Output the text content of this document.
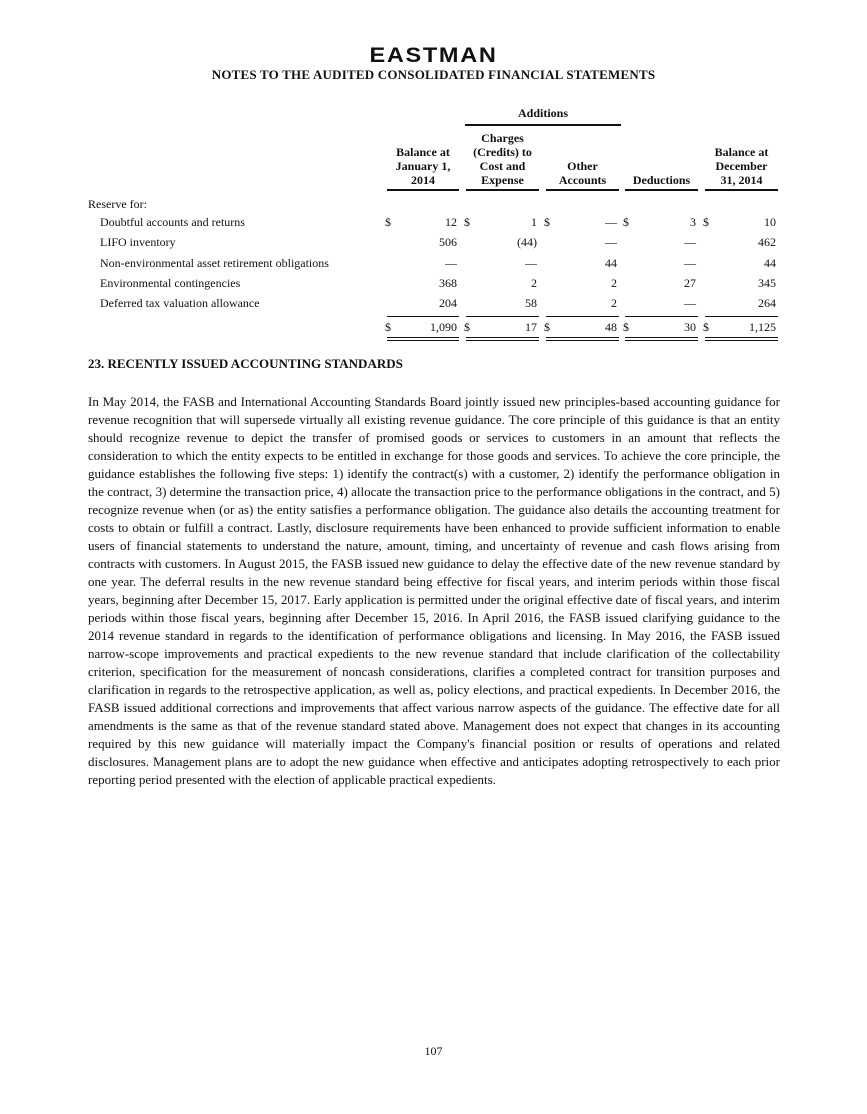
EASTMAN
NOTES TO THE AUDITED CONSOLIDATED FINANCIAL STATEMENTS
Additions
Balance at
January 1,
2014
Charges
(Credits) to
Cost and
Expense
Other
Accounts	Deductions
Balance at
December
31, 2014
Reserve for:
Doubtful accounts and returns	$	12 $	1 $	— $	3 $	10
LIFO inventory	506	(44)	—	—	462
Non-environmental asset retirement obligations	—	—	44	—	44
Environmental contingencies	368	2	2	27	345
Deferred tax valuation allowance	204	58	2	—	264
$	1,090 $	17 $	48 $	30 $	1,125
23. RECENTLY ISSUED ACCOUNTING STANDARDS

In May 2014, the FASB and International Accounting Standards Board jointly issued new principles-based accounting guidance for revenue recognition that will supersede virtually all existing revenue guidance. The core principle of this guidance is that an entity should recognize revenue to depict the transfer of promised goods or services to customers in an amount that reflects the consideration to which the entity expects to be entitled in exchange for those goods and services. To achieve the core principle, the guidance establishes the following five steps: 1) identify the contract(s) with a customer, 2) identify the performance obligation in the contract, 3) determine the transaction price, 4) allocate the transaction price to the performance obligations in the contract, and 5) recognize revenue when (or as) the entity satisfies a performance obligation. The guidance also details the accounting treatment for costs to obtain or fulfill a contract. Lastly, disclosure requirements have been enhanced to provide sufficient information to enable users of financial statements to understand the nature, amount, timing, and uncertainty of revenue and cash flows arising from contracts with customers. In August 2015, the FASB issued new guidance to delay the effective date of the new revenue standard by one year. The deferral results in the new revenue standard being effective for fiscal years, and interim periods within those fiscal years, beginning after December 15, 2017. Early application is permitted under the original effective date of fiscal years, and interim periods within those fiscal years, beginning after December 15, 2016. In April 2016, the FASB issued clarifying guidance to the 2014 revenue standard in regards to the identification of performance obligations and licensing. In May 2016, the FASB issued narrow-scope improvements and practical expedients to the new revenue standard that include clarification of the collectability criterion, specification for the measurement of noncash considerations, clarifies a completed contract for transition purposes and clarification in regards to the retrospective application, as well as, policy elections, and practical expedients. In December 2016, the FASB issued additional corrections and improvements that affect various narrow aspects of the guidance. The effective date for all amendments is the same as that of the revenue standard stated above. Management does not expect that changes in its accounting required by this new guidance will materially impact the Company's financial position or results of operations and related disclosures. Management plans are to adopt the new guidance when effective and anticipates adopting retrospectively to each prior reporting period presented with the election of applicable practical expedients.

107
